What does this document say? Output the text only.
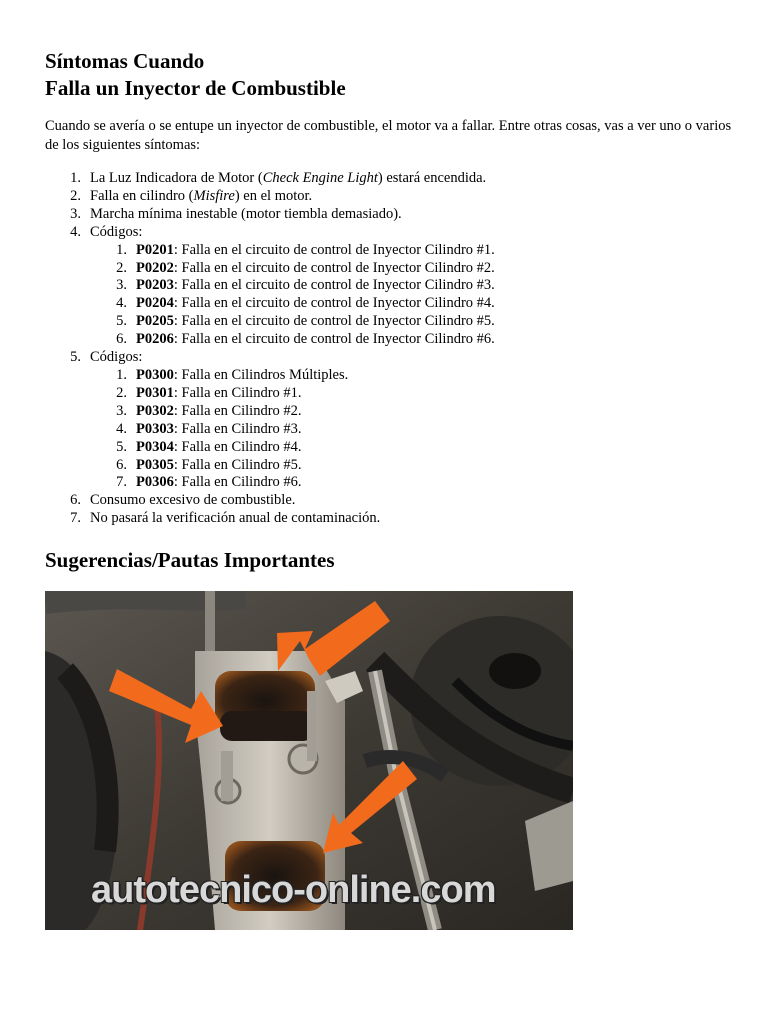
Síntomas Cuando
Falla un Inyector de Combustible

Cuando se avería o se entupe un inyector de combustible, el motor va a fallar. Entre otras cosas, vas a ver uno o varios de los siguientes síntomas:

1. La Luz Indicadora de Motor (Check Engine Light) estará encendida.
2. Falla en cilindro (Misfire) en el motor.
3. Marcha mínima inestable (motor tiembla demasiado).
4. Códigos:
1. P0201: Falla en el circuito de control de Inyector Cilindro #1.
2. P0202: Falla en el circuito de control de Inyector Cilindro #2.
3. P0203: Falla en el circuito de control de Inyector Cilindro #3.
4. P0204: Falla en el circuito de control de Inyector Cilindro #4.
5. P0205: Falla en el circuito de control de Inyector Cilindro #5.
6. P0206: Falla en el circuito de control de Inyector Cilindro #6.
5. Códigos:
1. P0300: Falla en Cilindros Múltiples.
2. P0301: Falla en Cilindro #1.
3. P0302: Falla en Cilindro #2.
4. P0303: Falla en Cilindro #3.
5. P0304: Falla en Cilindro #4.
6. P0305: Falla en Cilindro #5.
7. P0306: Falla en Cilindro #6.
6. Consumo excesivo de combustible.
7. No pasará la verificación anual de contaminación.
Sugerencias/Pautas Importantes
autotecnico-online.com
